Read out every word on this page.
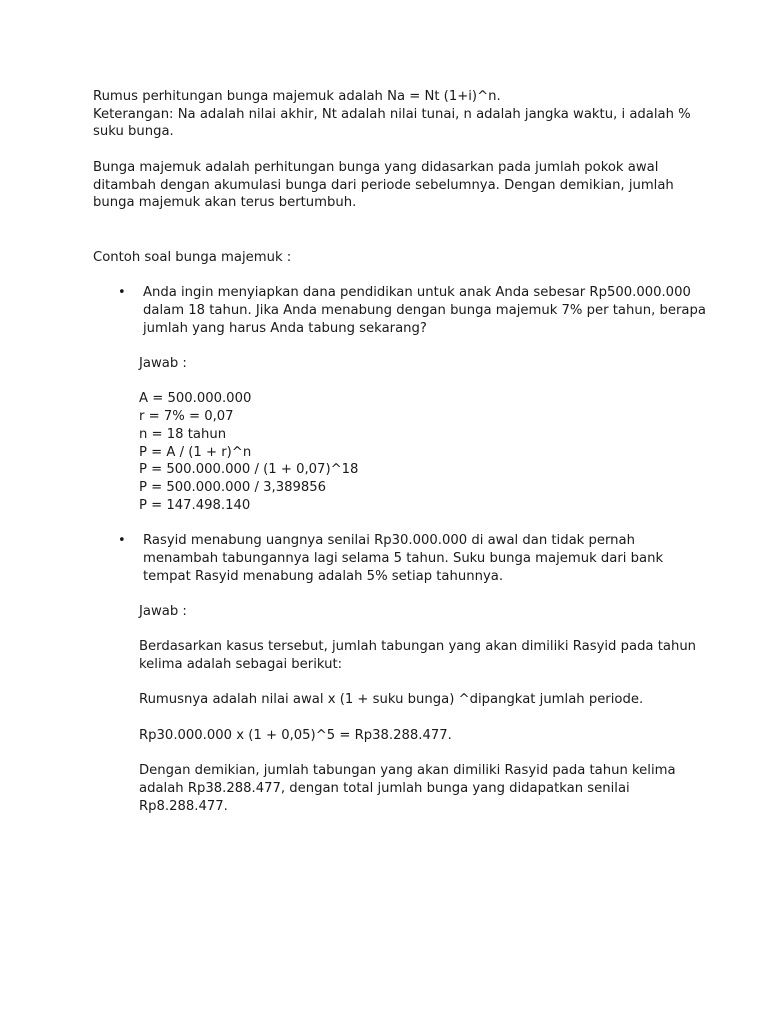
Rumus perhitungan bunga majemuk adalah Na = Nt (1+i)^n.

Keterangan: Na adalah nilai akhir, Nt adalah nilai tunai, n adalah jangka waktu, i adalah %

suku bunga.

Bunga majemuk adalah perhitungan bunga yang didasarkan pada jumlah pokok awal

ditambah dengan akumulasi bunga dari periode sebelumnya. Dengan demikian, jumlah

bunga majemuk akan terus bertumbuh.

Contoh soal bunga majemuk :

• Anda ingin menyiapkan dana pendidikan untuk anak Anda sebesar Rp500.000.000

dalam 18 tahun. Jika Anda menabung dengan bunga majemuk 7% per tahun, berapa

jumlah yang harus Anda tabung sekarang?

Jawab :

A = 500.000.000

r = 7% = 0,07

n = 18 tahun

P = A / (1 + r)^n

P = 500.000.000 / (1 + 0,07)^18

P = 500.000.000 / 3,389856

P = 147.498.140

• Rasyid menabung uangnya senilai Rp30.000.000 di awal dan tidak pernah

menambah tabungannya lagi selama 5 tahun. Suku bunga majemuk dari bank

tempat Rasyid menabung adalah 5% setiap tahunnya.

Jawab :

Berdasarkan kasus tersebut, jumlah tabungan yang akan dimiliki Rasyid pada tahun

kelima adalah sebagai berikut:

Rumusnya adalah nilai awal x (1 + suku bunga) ^dipangkat jumlah periode.

Rp30.000.000 x (1 + 0,05)^5 = Rp38.288.477.

Dengan demikian, jumlah tabungan yang akan dimiliki Rasyid pada tahun kelima

adalah Rp38.288.477, dengan total jumlah bunga yang didapatkan senilai

Rp8.288.477.
